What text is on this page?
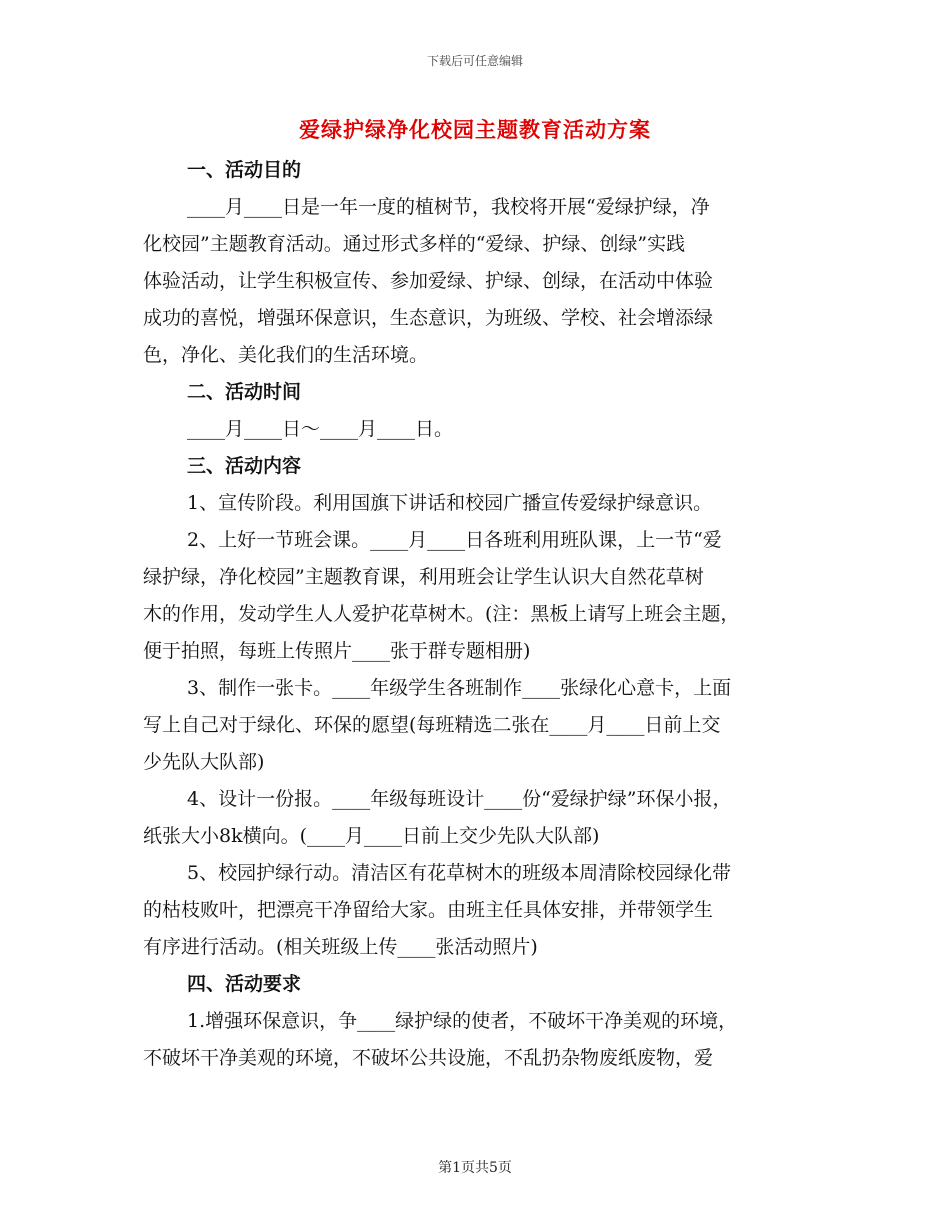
下载后可任意编辑
爱绿护绿净化校园主题教育活动方案
一、活动目的
____月____日是一年一度的植树节，我校将开展“爱绿护绿，净
化校园”主题教育活动。通过形式多样的“爱绿、护绿、创绿”实践
体验活动，让学生积极宣传、参加爱绿、护绿、创绿，在活动中体验
成功的喜悦，增强环保意识，生态意识，为班级、学校、社会增添绿
色，净化、美化我们的生活环境。
二、活动时间
____月____日～____月____日。
三、活动内容
1、宣传阶段。利用国旗下讲话和校园广播宣传爱绿护绿意识。
2、上好一节班会课。____月____日各班利用班队课，上一节“爱
绿护绿，净化校园”主题教育课，利用班会让学生认识大自然花草树
木的作用，发动学生人人爱护花草树木。(注：黑板上请写上班会主题，
便于拍照，每班上传照片____张于群专题相册)
3、制作一张卡。____年级学生各班制作____张绿化心意卡，上面
写上自己对于绿化、环保的愿望(每班精选二张在____月____日前上交
少先队大队部)
4、设计一份报。____年级每班设计____份“爱绿护绿”环保小报，
纸张大小8k横向。(____月____日前上交少先队大队部)
5、校园护绿行动。清洁区有花草树木的班级本周清除校园绿化带
的枯枝败叶，把漂亮干净留给大家。由班主任具体安排，并带领学生
有序进行活动。(相关班级上传____张活动照片)
四、活动要求
1.增强环保意识，争____绿护绿的使者，不破坏干净美观的环境，
不破坏干净美观的环境，不破坏公共设施，不乱扔杂物废纸废物，爱
第1页共5页
